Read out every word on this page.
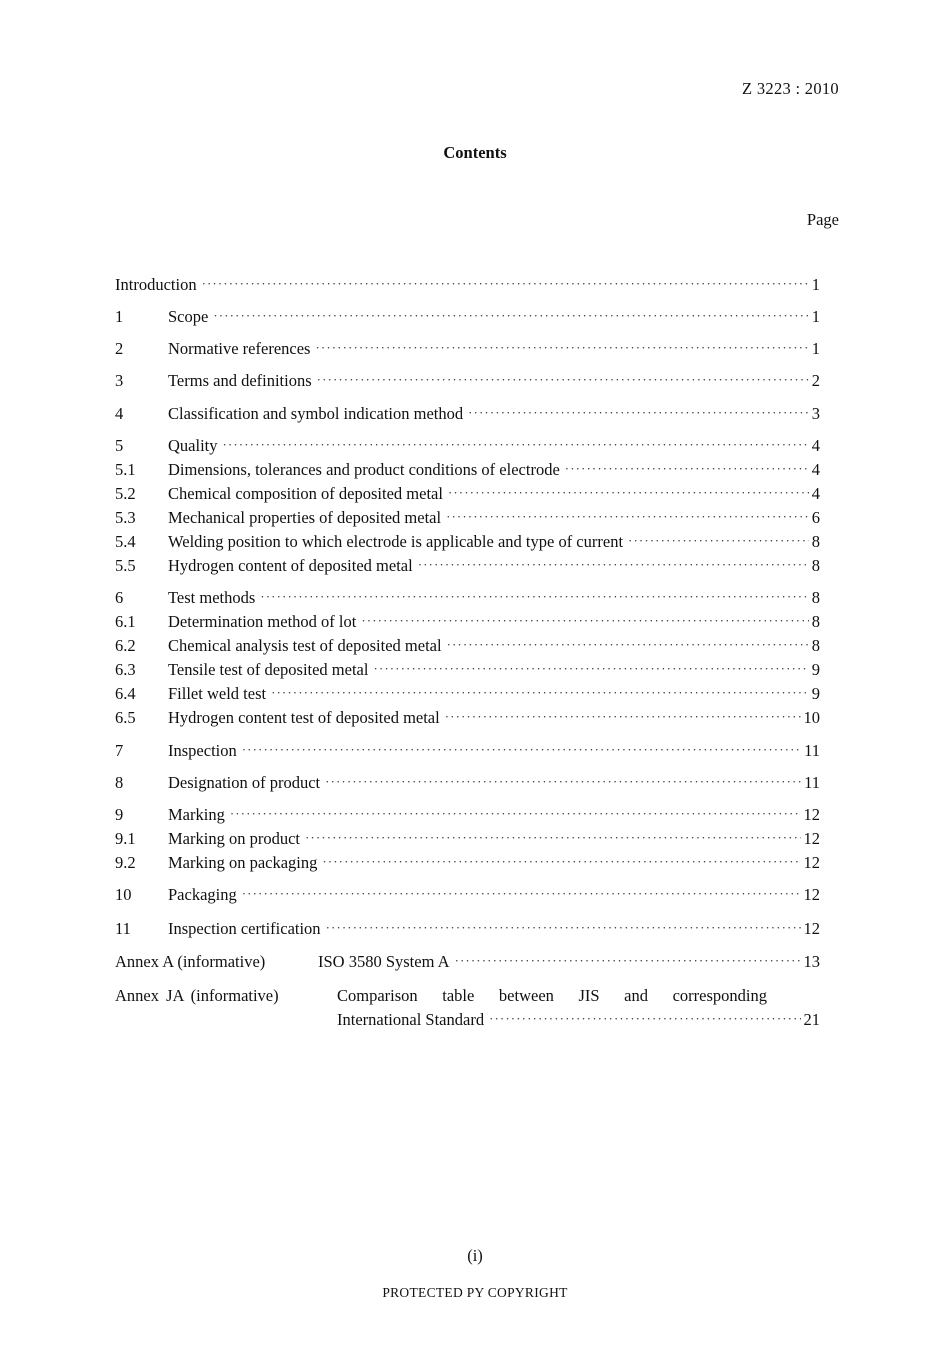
Z 3223 : 2010
Contents
Page
Introduction ·····	1
1	Scope ·····	1
2	Normative references ·····	1
3	Terms and definitions ·····	2
4	Classification and symbol indication method ·····	3
5	Quality ·····	4
5.1	Dimensions, tolerances and product conditions of electrode ·····	4
5.2	Chemical composition of deposited metal ·····	4
5.3	Mechanical properties of deposited metal ·····	6
5.4	Welding position to which electrode is applicable and type of current ·····	8
5.5	Hydrogen content of deposited metal ·····	8
6	Test methods ·····	8
6.1	Determination method of lot ·····	8
6.2	Chemical analysis test of deposited metal ·····	8
6.3	Tensile test of deposited metal ·····	9
6.4	Fillet weld test ·····	9
6.5	Hydrogen content test of deposited metal ·····	10
7	Inspection ·····	11
8	Designation of product ·····	11
9	Marking ·····	12
9.1	Marking on product ·····	12
9.2	Marking on packaging ·····	12
10	Packaging ·····	12
11	Inspection certification ·····	12
Annex A (informative)	ISO 3580 System A ·····	13
Annex JA (informative)	Comparison table between JIS and corresponding
International Standard ·····	21
(i)
PROTECTED PY COPYRIGHT
